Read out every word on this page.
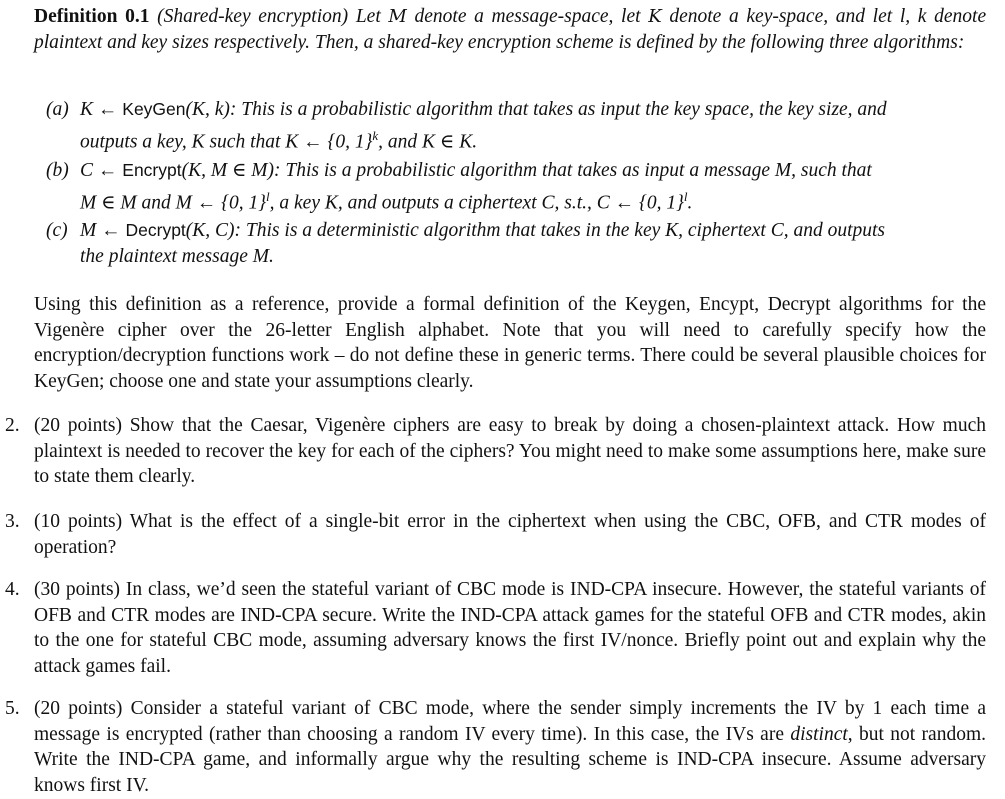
Definition 0.1 (Shared-key encryption) Let M denote a message-space, let K denote a key-space, and let l, k denote plaintext and key sizes respectively. Then, a shared-key encryption scheme is defined by the following three algorithms:
(a) K ← KeyGen(K, k): This is a probabilistic algorithm that takes as input the key space, the key size, and
outputs a key, K such that K ← {0, 1}$^k$, and K ∈ K.
(b) C ← Encrypt(K, M ∈ M): This is a probabilistic algorithm that takes as input a message M, such that
M ∈ M and M ← {0, 1}$^l$, a key K, and outputs a ciphertext C, s.t., C ← {0, 1}$^l$.
(c) M ← Decrypt(K, C): This is a deterministic algorithm that takes in the key K, ciphertext C, and outputs
the plaintext message M.
Using this definition as a reference, provide a formal definition of the Keygen, Encypt, Decrypt algorithms for the Vigenère cipher over the 26-letter English alphabet. Note that you will need to carefully specify how the encryption/decryption functions work – do not define these in generic terms. There could be several plausible choices for KeyGen; choose one and state your assumptions clearly.
2. (20 points) Show that the Caesar, Vigenère ciphers are easy to break by doing a chosen-plaintext attack. How much plaintext is needed to recover the key for each of the ciphers? You might need to make some assumptions here, make sure to state them clearly.
3. (10 points) What is the effect of a single-bit error in the ciphertext when using the CBC, OFB, and CTR modes of operation?
4. (30 points) In class, we’d seen the stateful variant of CBC mode is IND-CPA insecure. However, the stateful variants of OFB and CTR modes are IND-CPA secure. Write the IND-CPA attack games for the stateful OFB and CTR modes, akin to the one for stateful CBC mode, assuming adversary knows the first IV/nonce. Briefly point out and explain why the attack games fail.
5. (20 points) Consider a stateful variant of CBC mode, where the sender simply increments the IV by 1 each time a message is encrypted (rather than choosing a random IV every time). In this case, the IVs are distinct, but not random. Write the IND-CPA game, and informally argue why the resulting scheme is IND-CPA insecure. Assume adversary knows first IV.
